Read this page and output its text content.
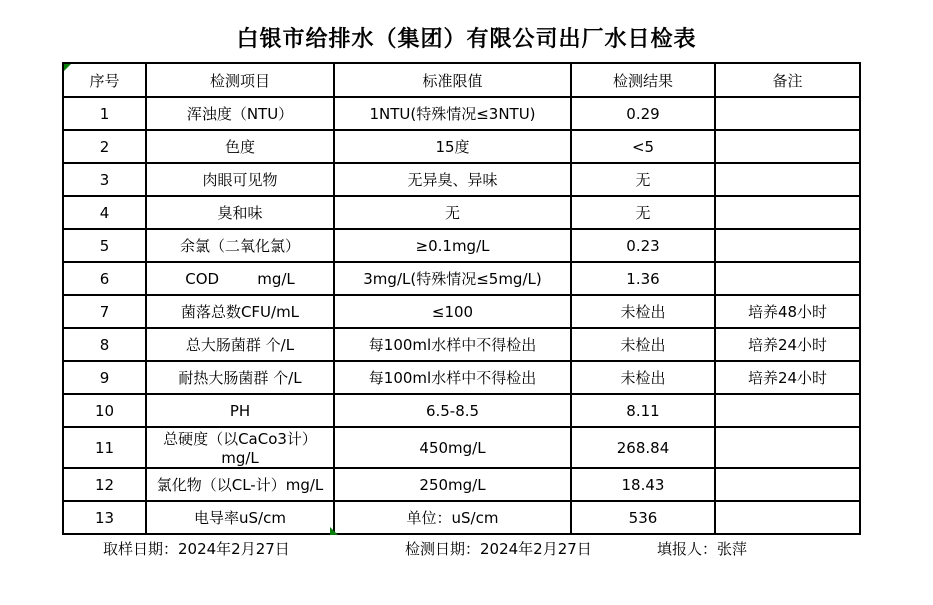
白银市给排水（集团）有限公司出厂水日检表
序号	检测项目	标准限值	检测结果	备注
1	浑浊度（NTU）	1NTU(特殊情况≤3NTU)	0.29	
2	色度	15度	<5	
3	肉眼可见物	无异臭、异味	无	
4	臭和味	无	无	
5	余氯（二氧化氯）	≥0.1mg/L	0.23	
6	COD        mg/L	3mg/L(特殊情况≤5mg/L)	1.36	
7	菌落总数CFU/mL	≤100	未检出	培养48小时
8	总大肠菌群 个/L	每100ml水样中不得检出	未检出	培养24小时
9	耐热大肠菌群 个/L	每100ml水样中不得检出	未检出	培养24小时
10	PH	6.5-8.5	8.11	
11	总硬度（以CaCo3计）mg/L	450mg/L	268.84	
12	氯化物（以CL-计）mg/L	250mg/L	18.43	
13	电导率uS/cm	单位：uS/cm	536	
取样日期：2024年2月27日	检测日期：2024年2月27日	填报人：张萍
